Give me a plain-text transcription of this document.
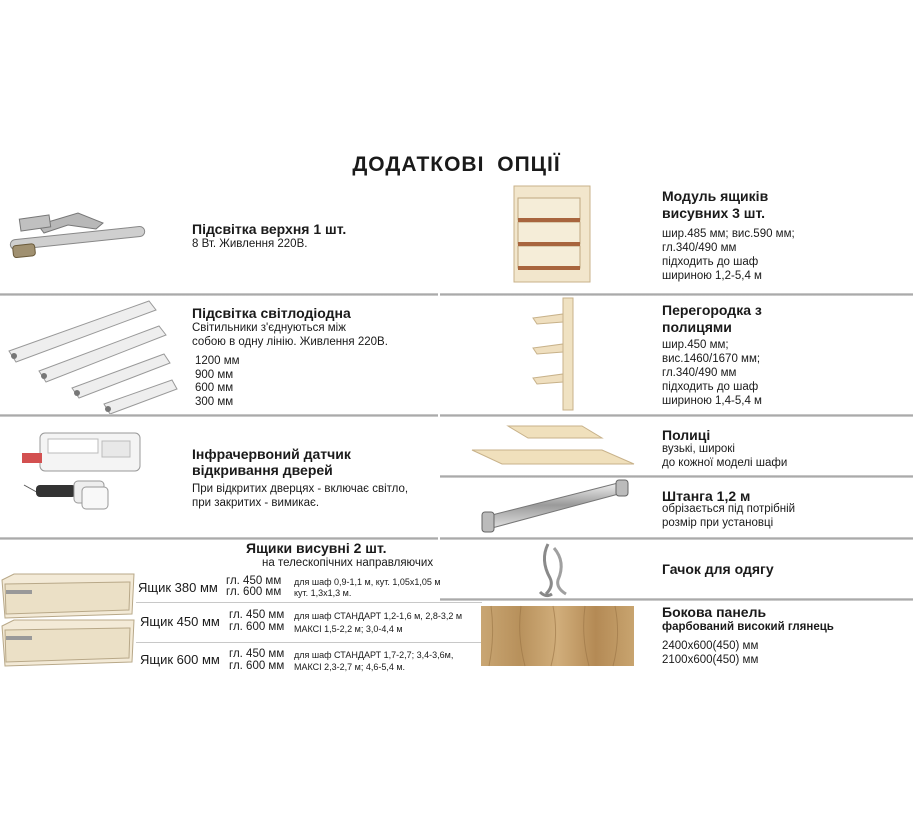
ДОДАТКОВІ ОПЦІЇ
Підсвітка верхня 1 шт.
8 Вт. Живлення 220В.
Підсвітка світлодіодна
Світильники з'єднуються між
собою в одну лінію. Живлення 220В.
1200 мм
900 мм
600 мм
300 мм
Інфрачервоний датчик
відкривання дверей
При відкритих дверцях - включає світло,
при закритих - вимикає.
Ящики висувні 2 шт.
на телескопічних направляючих
Ящик 380 мм гл. 450 мм
гл. 600 мм
для шаф 0,9-1,1 м, кут. 1,05х1,05 м
кут. 1,3х1,3 м.
Ящик 450 мм гл. 450 мм
гл. 600 мм
для шаф СТАНДАРТ 1,2-1,6 м, 2,8-3,2 м
МАКСІ 1,5-2,2 м; 3,0-4,4 м
Ящик 600 мм гл. 450 мм
гл. 600 мм
для шаф СТАНДАРТ 1,7-2,7; 3,4-3,6м,
МАКСІ 2,3-2,7 м; 4,6-5,4 м.
Модуль ящиків
висувних 3 шт.
шир.485 мм; вис.590 мм;
гл.340/490 мм
підходить до шаф
шириною 1,2-5,4 м
Перегородка з
полицями
шир.450 мм;
вис.1460/1670 мм;
гл.340/490 мм
підходить до шаф
шириною 1,4-5,4 м
Полиці
вузькі, широкі
до кожної моделі шафи
Штанга 1,2 м
обрізається під потрібній
розмір при установці
Гачок для одягу
Бокова панель
фарбований високий глянець
2400х600(450) мм
2100х600(450) мм
